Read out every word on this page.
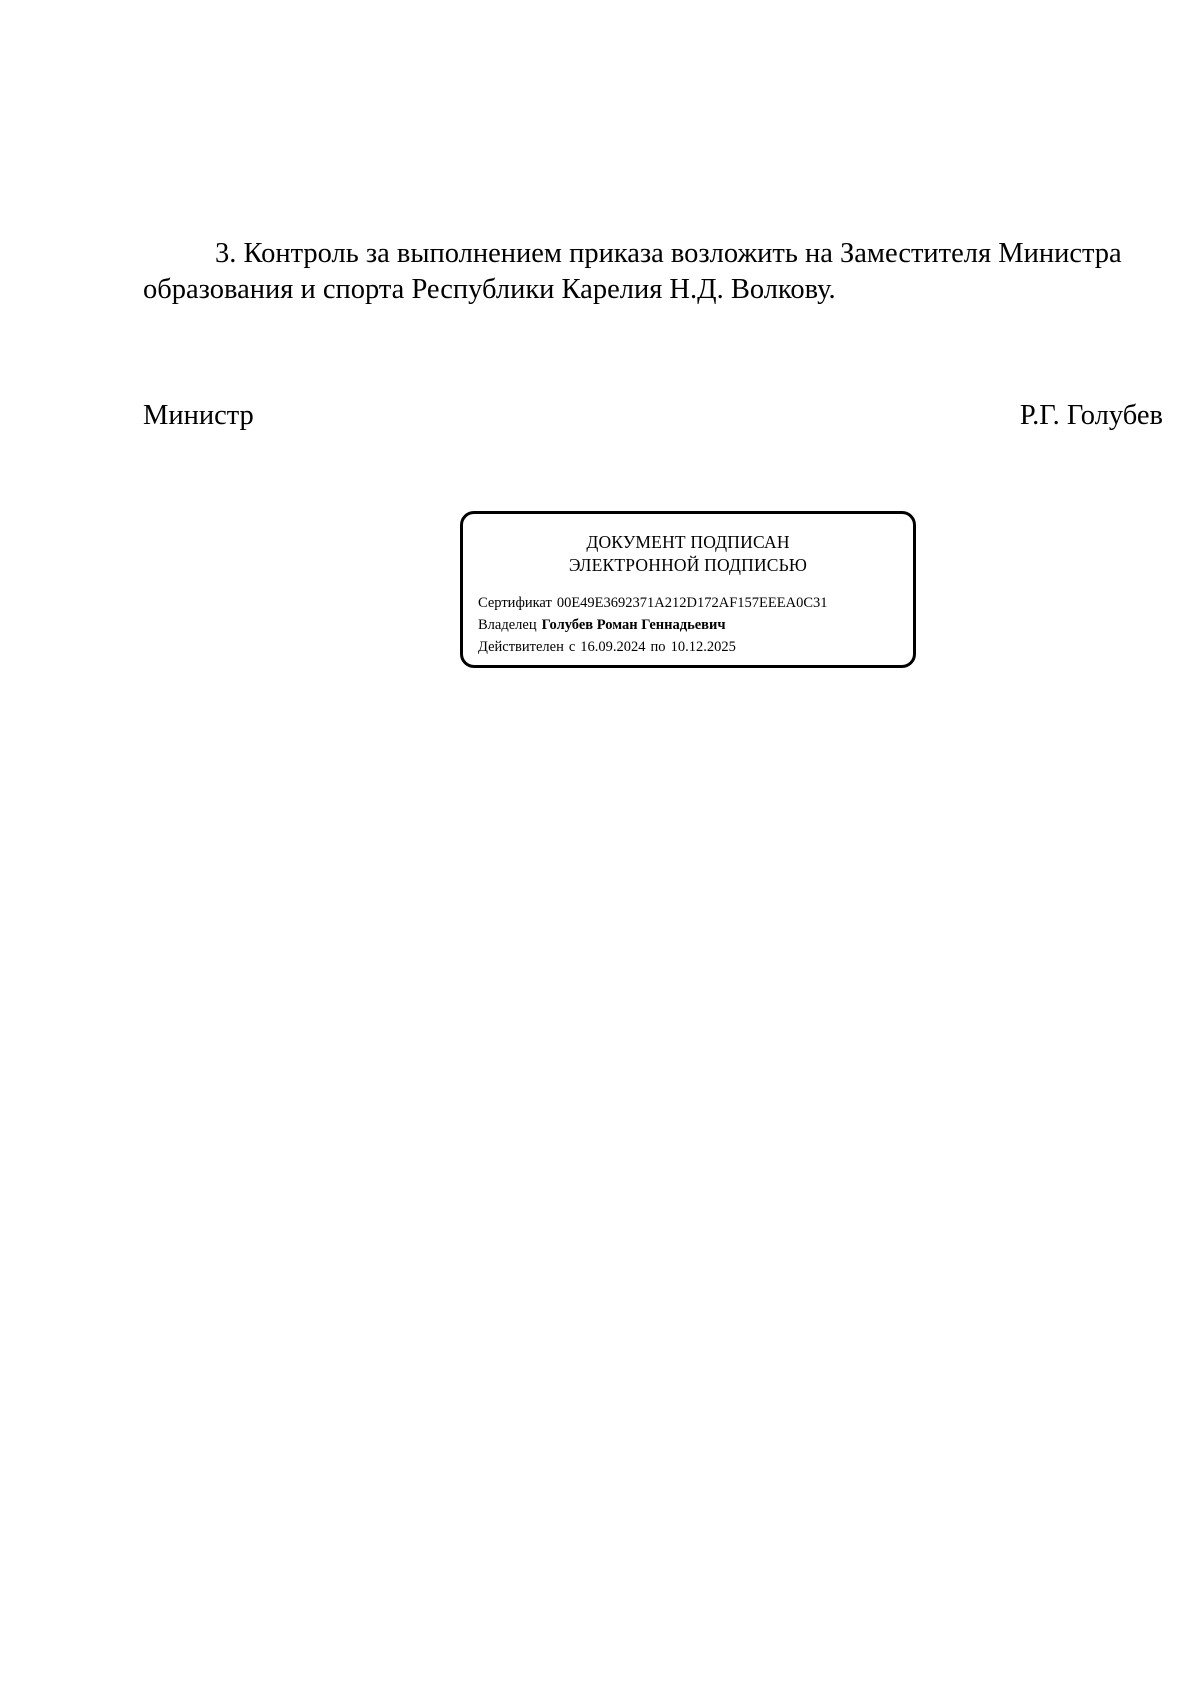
3. Контроль за выполнением приказа возложить на Заместителя Министра
образования и спорта Республики Карелия Н.Д. Волкову.
Министр	Р.Г. Голубев
ДОКУМЕНТ ПОДПИСАН
ЭЛЕКТРОННОЙ ПОДПИСЬЮ
Сертификат 00E49E3692371A212D172AF157EEEA0C31
Владелец Голубев Роман Геннадьевич
Действителен с 16.09.2024 по 10.12.2025
